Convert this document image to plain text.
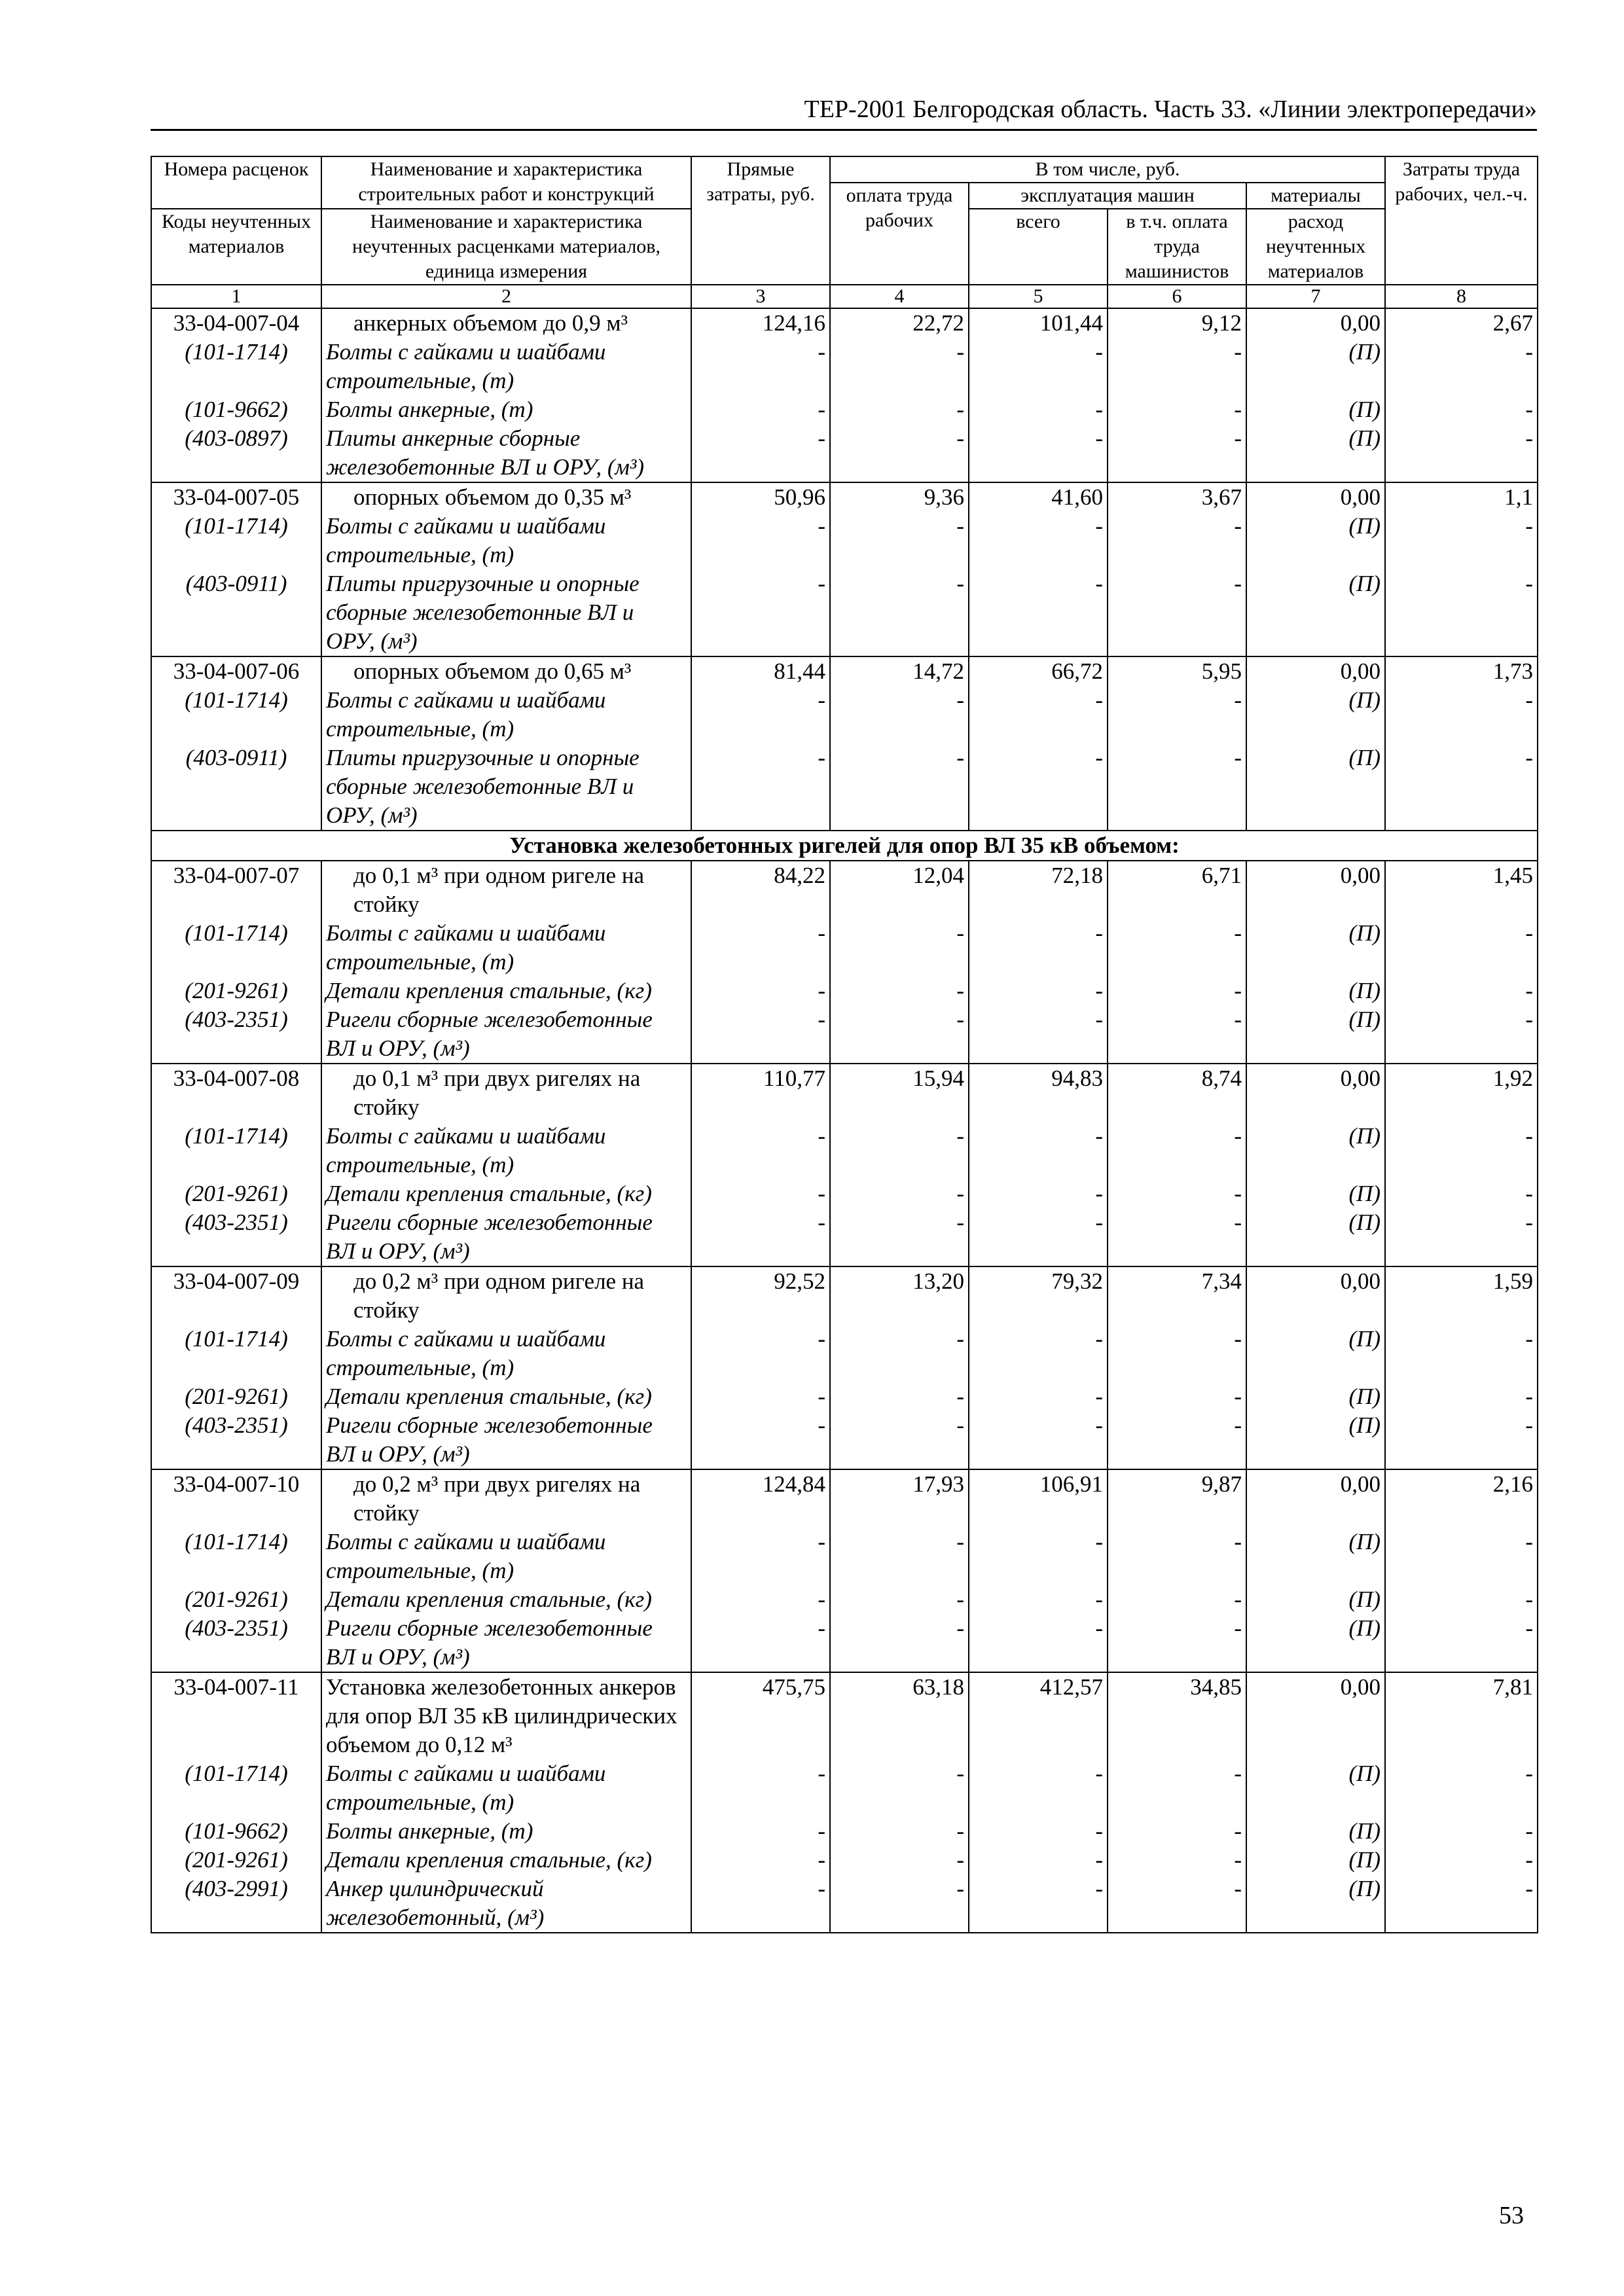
ТЕР-2001 Белгородская область. Часть 33. «Линии электропередачи»
Номера расценок	Наименование и характеристика строительных работ и конструкций	Прямые затраты, руб.	В том числе, руб.				Затраты труда рабочих, чел.-ч.
			оплата труда рабочих	эксплуатация машин		материалы	
Коды неучтенных материалов	Наименование и характеристика неучтенных расценками материалов, единица измерения			всего	в т.ч. оплата труда машинистов	расход неучтенных материалов	

1	2	3	4	5	6	7	8
33-04-007-04	анкерных объемом до 0,9 м³	124,16	22,72	101,44	9,12	0,00	2,67
(101-1714)	Болты с гайками и шайбами строительные, (т)	-	-	-	-	(П)	-
(101-9662)	Болты анкерные, (т)	-	-	-	-	(П)	-
(403-0897)	Плиты анкерные сборные железобетонные ВЛ и ОРУ, (м³)	-	-	-	-	(П)	-
33-04-007-05	опорных объемом до 0,35 м³	50,96	9,36	41,60	3,67	0,00	1,1
(101-1714)	Болты с гайками и шайбами строительные, (т)	-	-	-	-	(П)	-
(403-0911)	Плиты пригрузочные и опорные сборные железобетонные ВЛ и ОРУ, (м³)	-	-	-	-	(П)	-
33-04-007-06	опорных объемом до 0,65 м³	81,44	14,72	66,72	5,95	0,00	1,73
(101-1714)	Болты с гайками и шайбами строительные, (т)	-	-	-	-	(П)	-
(403-0911)	Плиты пригрузочные и опорные сборные железобетонные ВЛ и ОРУ, (м³)	-	-	-	-	(П)	-
Установка железобетонных ригелей для опор ВЛ 35 кВ объемом:							
33-04-007-07	до 0,1 м³ при одном ригеле на стойку	84,22	12,04	72,18	6,71	0,00	1,45
(101-1714)	Болты с гайками и шайбами строительные, (т)	-	-	-	-	(П)	-
(201-9261)	Детали крепления стальные, (кг)	-	-	-	-	(П)	-
(403-2351)	Ригели сборные железобетонные ВЛ и ОРУ, (м³)	-	-	-	-	(П)	-
33-04-007-08	до 0,1 м³ при двух ригелях на стойку	110,77	15,94	94,83	8,74	0,00	1,92
(101-1714)	Болты с гайками и шайбами строительные, (т)	-	-	-	-	(П)	-
(201-9261)	Детали крепления стальные, (кг)	-	-	-	-	(П)	-
(403-2351)	Ригели сборные железобетонные ВЛ и ОРУ, (м³)	-	-	-	-	(П)	-
33-04-007-09	до 0,2 м³ при одном ригеле на стойку	92,52	13,20	79,32	7,34	0,00	1,59
(101-1714)	Болты с гайками и шайбами строительные, (т)	-	-	-	-	(П)	-
(201-9261)	Детали крепления стальные, (кг)	-	-	-	-	(П)	-
(403-2351)	Ригели сборные железобетонные ВЛ и ОРУ, (м³)	-	-	-	-	(П)	-
33-04-007-10	до 0,2 м³ при двух ригелях на стойку	124,84	17,93	106,91	9,87	0,00	2,16
(101-1714)	Болты с гайками и шайбами строительные, (т)	-	-	-	-	(П)	-
(201-9261)	Детали крепления стальные, (кг)	-	-	-	-	(П)	-
(403-2351)	Ригели сборные железобетонные ВЛ и ОРУ, (м³)	-	-	-	-	(П)	-
33-04-007-11	Установка железобетонных анкеров для опор ВЛ 35 кВ цилиндрических объемом до 0,12 м³	475,75	63,18	412,57	34,85	0,00	7,81
(101-1714)	Болты с гайками и шайбами строительные, (т)	-	-	-	-	(П)	-
(101-9662)	Болты анкерные, (т)	-	-	-	-	(П)	-
(201-9261)	Детали крепления стальные, (кг)	-	-	-	-	(П)	-
(403-2991)	Анкер цилиндрический железобетонный, (м³)	-	-	-	-	(П)	-
53
